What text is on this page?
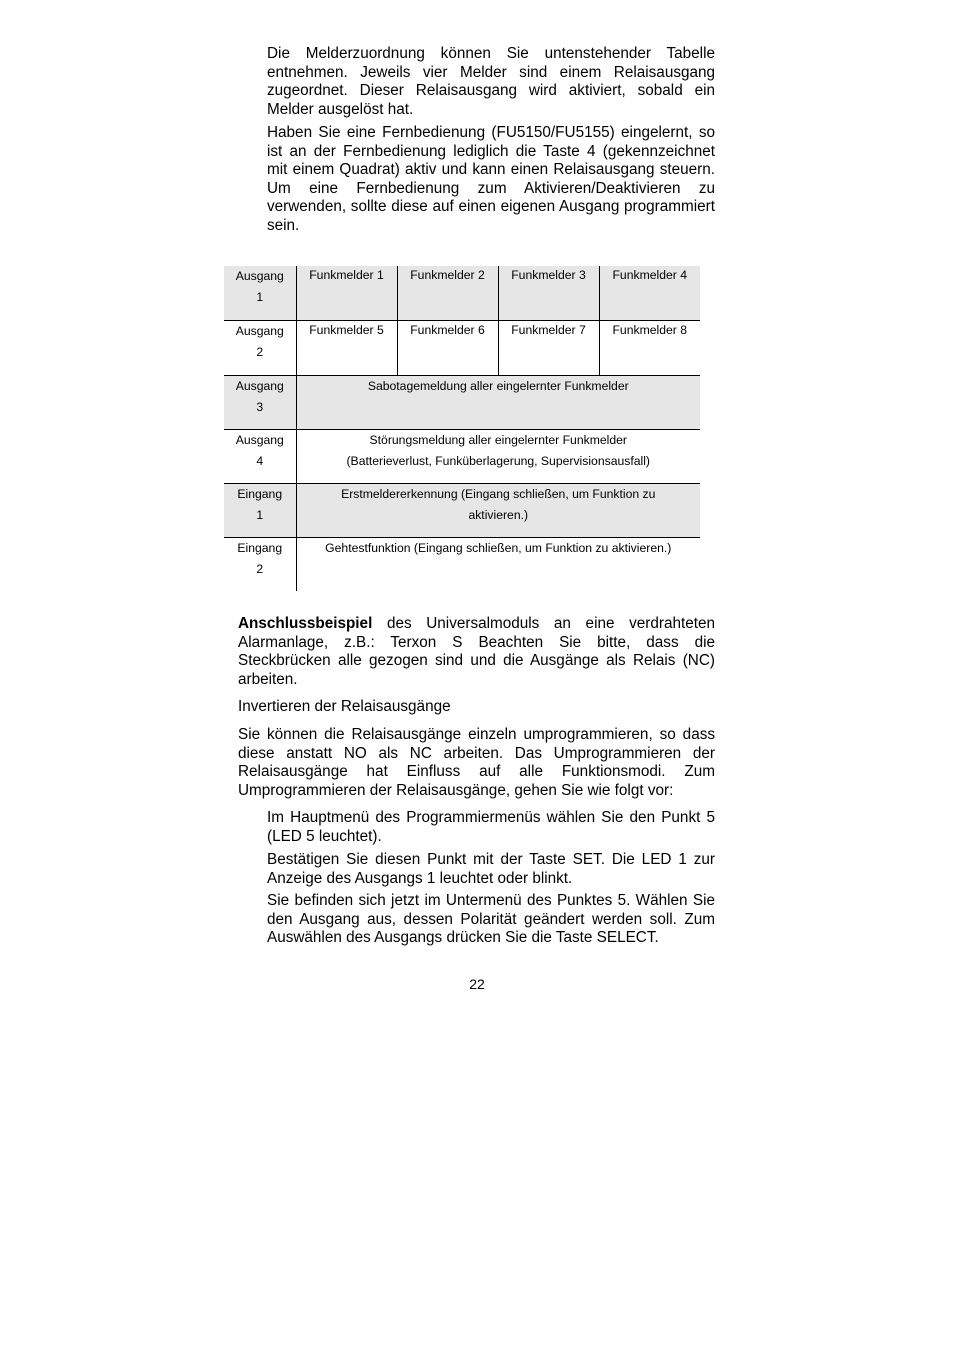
Die Melderzuordnung können Sie untenstehender Tabelle entnehmen. Jeweils vier Melder sind einem Relaisausgang zugeordnet. Dieser Relaisausgang wird aktiviert, sobald ein Melder ausgelöst hat.

Haben Sie eine Fernbedienung (FU5150/FU5155) eingelernt, so ist an der Fernbedienung lediglich die Taste 4 (gekennzeichnet mit einem Quadrat) aktiv und kann einen Relaisausgang steuern. Um eine Fernbedienung zum Aktivieren/Deaktivieren zu verwenden, sollte diese auf einen eigenen Ausgang programmiert sein.

Ausgang
1	Funkmelder 1	Funkmelder 2	Funkmelder 3	Funkmelder 4
Ausgang
2	Funkmelder 5	Funkmelder 6	Funkmelder 7	Funkmelder 8
Ausgang
3	Sabotagemeldung aller eingelernter Funkmelder			
Ausgang
4	Störungsmeldung aller eingelernter Funkmelder
(Batterieverlust, Funküberlagerung, Supervisionsausfall)			
Eingang
1	Erstmeldererkennung (Eingang schließen, um Funktion zu
aktivieren.)			
Eingang
2	Gehtestfunktion (Eingang schließen, um Funktion zu aktivieren.)			

Anschlussbeispiel des Universalmoduls an eine verdrahteten Alarmanlage, z.B.: Terxon S Beachten Sie bitte, dass die Steckbrücken alle gezogen sind und die Ausgänge als Relais (NC) arbeiten.

Invertieren der Relaisausgänge

Sie können die Relaisausgänge einzeln umprogrammieren, so dass diese anstatt NO als NC arbeiten. Das Umprogrammieren der Relaisausgänge hat Einfluss auf alle Funktionsmodi. Zum Umprogrammieren der Relaisausgänge, gehen Sie wie folgt vor:

Im Hauptmenü des Programmiermenüs wählen Sie den Punkt 5 (LED 5 leuchtet).

Bestätigen Sie diesen Punkt mit der Taste SET. Die LED 1 zur Anzeige des Ausgangs 1 leuchtet oder blinkt.

Sie befinden sich jetzt im Untermenü des Punktes 5. Wählen Sie den Ausgang aus, dessen Polarität geändert werden soll. Zum Auswählen des Ausgangs drücken Sie die Taste SELECT.

22
